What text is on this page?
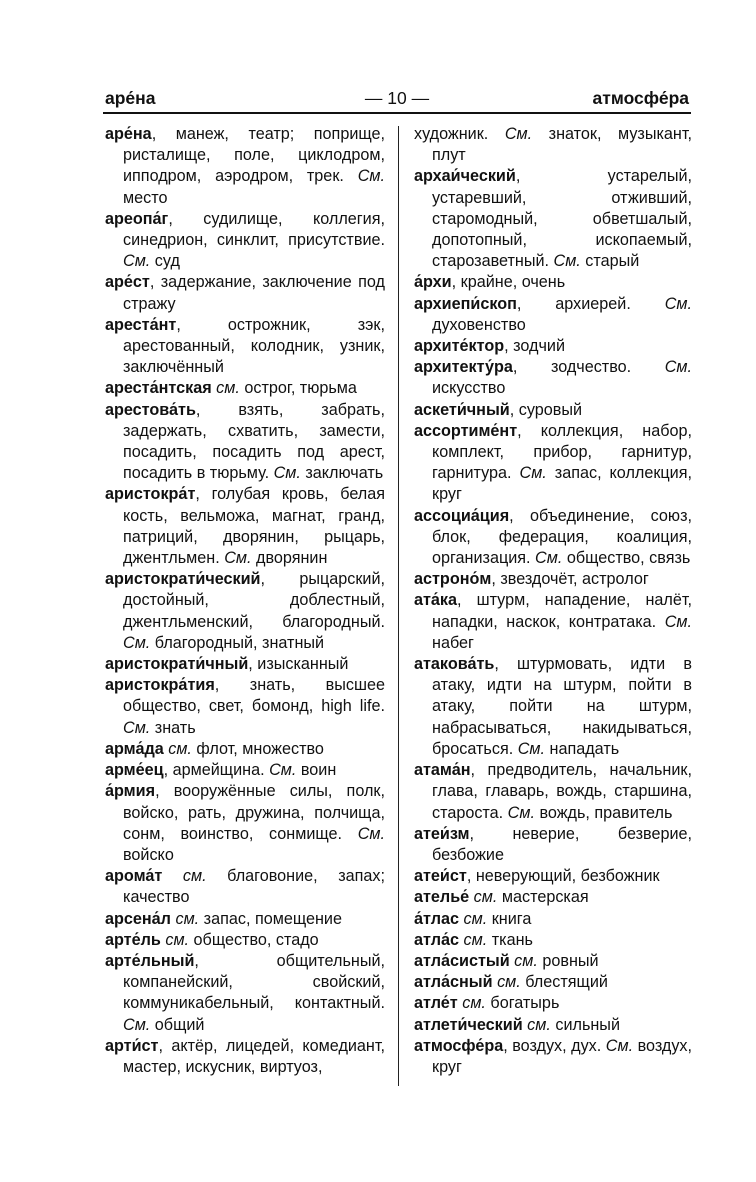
аре́на	— 10 —	атмосфе́ра

аре́на, манеж, театр; поприще, ристалище, поле, циклодром, ипподром, аэродром, трек. См. место

ареопа́г, судилище, коллегия, синедрион, синклит, присутствие. См. суд

аре́ст, задержание, заключение под стражу

ареста́нт, острожник, зэк, арестованный, колодник, узник, заключённый

ареста́нтская см. острог, тюрьма

арестова́ть, взять, забрать, задержать, схватить, замести, посадить, посадить под арест, посадить в тюрьму. См. заключать

аристокра́т, голубая кровь, белая кость, вельможа, магнат, гранд, патриций, дворянин, рыцарь, джентльмен. См. дворянин

аристократи́ческий, рыцарский, достойный, доблестный, джентльменский, благородный. См. благородный, знатный

аристократи́чный, изысканный

аристокра́тия, знать, высшее общество, свет, бомонд, high life. См. знать

арма́да см. флот, множество

арме́ец, армейщина. См. воин

а́рмия, вооружённые силы, полк, войско, рать, дружина, полчища, сонм, воинство, сонмище. См. войско

арома́т см. благовоние, запах; качество

арсена́л см. запас, помещение

арте́ль см. общество, стадо

арте́льный, общительный, компанейский, свойский, коммуникабельный, контактный. См. общий

арти́ст, актёр, лицедей, комедиант, мастер, искусник, виртуоз,

художник. См. знаток, музыкант, плут

архаи́ческий, устарелый, устаревший, отживший, старомодный, обветшалый, допотопный, ископаемый, старозаветный. См. старый

а́рхи, крайне, очень

архиепи́скоп, архиерей. См. духовенство

архите́ктор, зодчий

архитекту́ра, зодчество. См. искусство

аскети́чный, суровый

ассортиме́нт, коллекция, набор, комплект, прибор, гарнитур, гарнитура. См. запас, коллекция, круг

ассоциа́ция, объединение, союз, блок, федерация, коалиция, организация. См. общество, связь

астроно́м, звездочёт, астролог

ата́ка, штурм, нападение, налёт, нападки, наскок, контратака. См. набег

атакова́ть, штурмовать, идти в атаку, идти на штурм, пойти в атаку, пойти на штурм, набрасываться, накидываться, бросаться. См. нападать

атама́н, предводитель, начальник, глава, главарь, вождь, старшина, староста. См. вождь, правитель

атеи́зм, неверие, безверие, безбожие

атеи́ст, неверующий, безбожник

ателье́ см. мастерская

а́тлас см. книга

атла́с см. ткань

атла́систый см. ровный

атла́сный см. блестящий

атле́т см. богатырь

атлети́ческий см. сильный

атмосфе́ра, воздух, дух. См. воздух, круг
